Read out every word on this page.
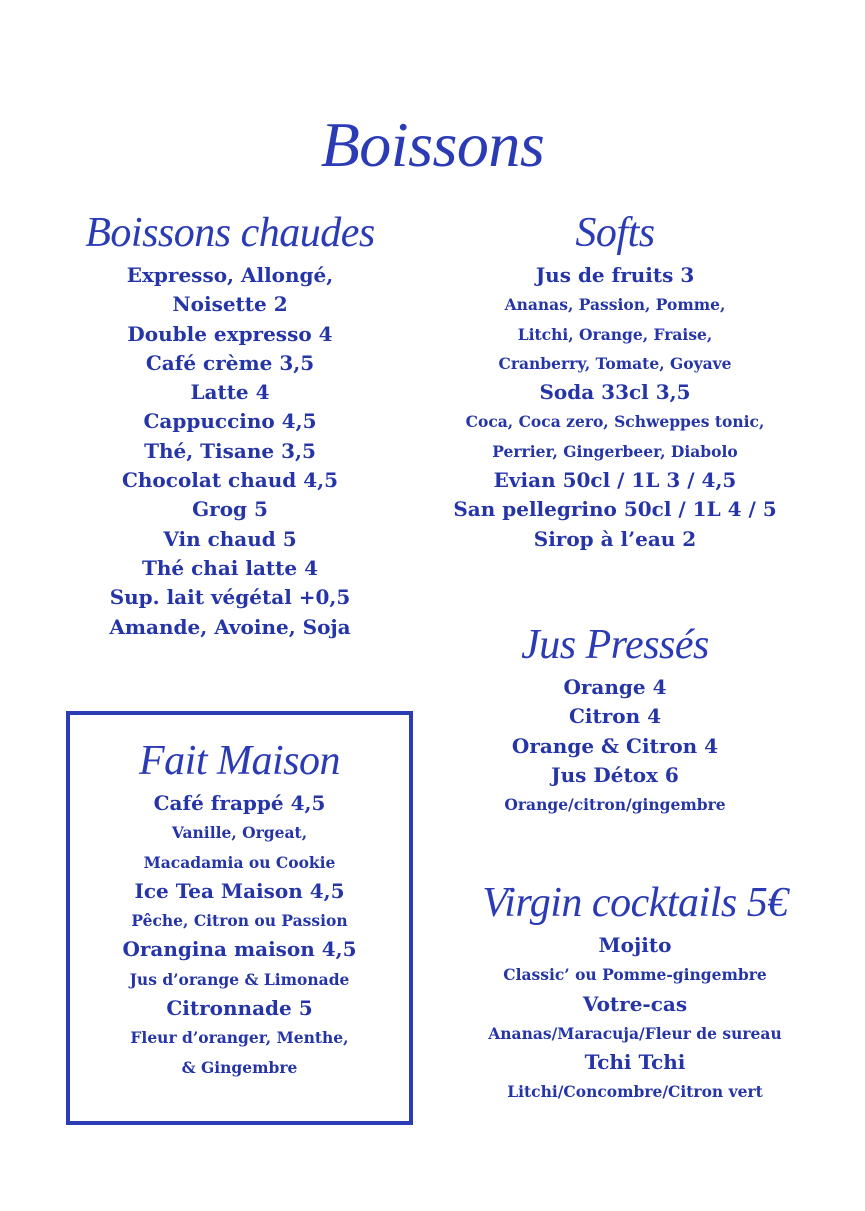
Boissons
Boissons chaudes
Expresso, Allongé,
Noisette 2
Double expresso 4
Café crème 3,5
Latte 4
Cappuccino 4,5
Thé, Tisane 3,5
Chocolat chaud 4,5
Grog 5
Vin chaud 5
Thé chai latte 4
Sup. lait végétal +0,5
Amande, Avoine, Soja
Softs
Jus de fruits 3
Ananas, Passion, Pomme,
Litchi, Orange, Fraise,
Cranberry, Tomate, Goyave
Soda 33cl 3,5
Coca, Coca zero, Schweppes tonic,
Perrier, Gingerbeer, Diabolo
Evian 50cl / 1L 3 / 4,5
San pellegrino 50cl / 1L 4 / 5
Sirop à l’eau 2
Jus Pressés
Orange 4
Citron 4
Orange & Citron 4
Jus Détox 6
Orange/citron/gingembre
Fait Maison
Café frappé 4,5
Vanille, Orgeat,
Macadamia ou Cookie
Ice Tea Maison 4,5
Pêche, Citron ou Passion
Orangina maison 4,5
Jus d’orange & Limonade
Citronnade 5
Fleur d’oranger, Menthe,
& Gingembre
Virgin cocktails 5€
Mojito
Classic’ ou Pomme-gingembre
Votre-cas
Ananas/Maracuja/Fleur de sureau
Tchi Tchi
Litchi/Concombre/Citron vert
